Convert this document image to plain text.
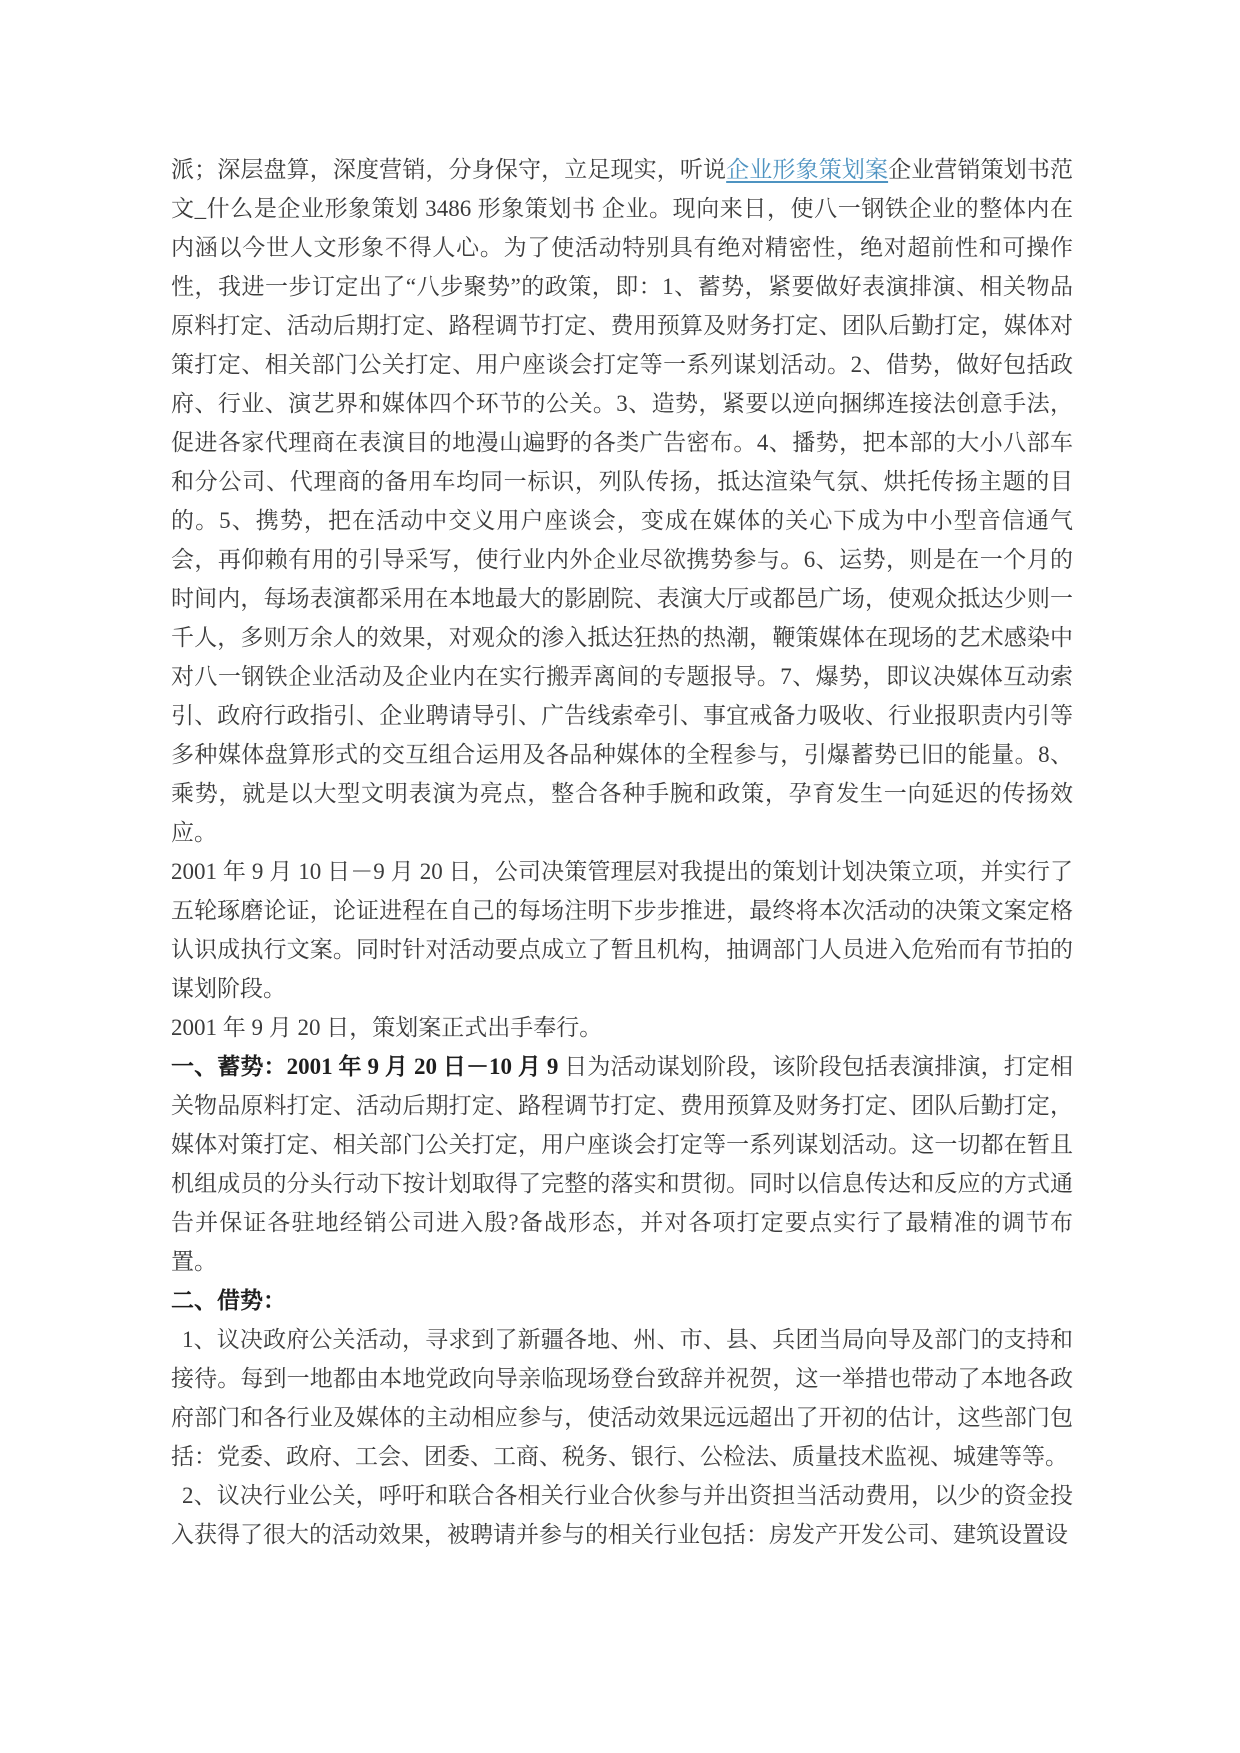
派；深层盘算，深度营销，分身保守，立足现实，听说企业形象策划案企业营销策划书范文_什么是企业形象策划 3486 形象策划书 企业。现向来日，使八一钢铁企业的整体内在内涵以今世人文形象不得人心。为了使活动特别具有绝对精密性，绝对超前性和可操作性，我进一步订定出了“八步聚势”的政策，即：1、蓄势，紧要做好表演排演、相关物品原料打定、活动后期打定、路程调节打定、费用预算及财务打定、团队后勤打定，媒体对策打定、相关部门公关打定、用户座谈会打定等一系列谋划活动。2、借势，做好包括政府、行业、演艺界和媒体四个环节的公关。3、造势，紧要以逆向捆绑连接法创意手法，促进各家代理商在表演目的地漫山遍野的各类广告密布。4、播势，把本部的大小八部车和分公司、代理商的备用车均同一标识，列队传扬，抵达渲染气氛、烘托传扬主题的目的。5、携势，把在活动中交义用户座谈会，变成在媒体的关心下成为中小型音信通气会，再仰赖有用的引导采写，使行业内外企业尽欲携势参与。6、运势，则是在一个月的时间内，每场表演都采用在本地最大的影剧院、表演大厅或都邑广场，使观众抵达少则一千人，多则万余人的效果，对观众的渗入抵达狂热的热潮，鞭策媒体在现场的艺术感染中对八一钢铁企业活动及企业内在实行搬弄离间的专题报导。7、爆势，即议决媒体互动索引、政府行政指引、企业聘请导引、广告线索牵引、事宜戒备力吸收、行业报职责内引等多种媒体盘算形式的交互组合运用及各品种媒体的全程参与，引爆蓄势已旧的能量。8、乘势，就是以大型文明表演为亮点，整合各种手腕和政策，孕育发生一向延迟的传扬效应。

2001 年 9 月 10 日－9 月 20 日，公司决策管理层对我提出的策划计划决策立项，并实行了五轮琢磨论证，论证进程在自己的每场注明下步步推进，最终将本次活动的决策文案定格认识成执行文案。同时针对活动要点成立了暂且机构，抽调部门人员进入危殆而有节拍的谋划阶段。

2001 年 9 月 20 日，策划案正式出手奉行。

一、蓄势：2001 年 9 月 20 日－10 月 9 日为活动谋划阶段，该阶段包括表演排演，打定相关物品原料打定、活动后期打定、路程调节打定、费用预算及财务打定、团队后勤打定，媒体对策打定、相关部门公关打定，用户座谈会打定等一系列谋划活动。这一切都在暂且机组成员的分头行动下按计划取得了完整的落实和贯彻。同时以信息传达和反应的方式通告并保证各驻地经销公司进入殷?备战形态，并对各项打定要点实行了最精准的调节布置。

二、借势：

1、议决政府公关活动，寻求到了新疆各地、州、市、县、兵团当局向导及部门的支持和接待。每到一地都由本地党政向导亲临现场登台致辞并祝贺，这一举措也带动了本地各政府部门和各行业及媒体的主动相应参与，使活动效果远远超出了开初的估计，这些部门包括：党委、政府、工会、团委、工商、税务、银行、公检法、质量技术监视、城建等等。

2、议决行业公关，呼吁和联合各相关行业合伙参与并出资担当活动费用，以少的资金投入获得了很大的活动效果，被聘请并参与的相关行业包括：房发产开发公司、建筑设置设
